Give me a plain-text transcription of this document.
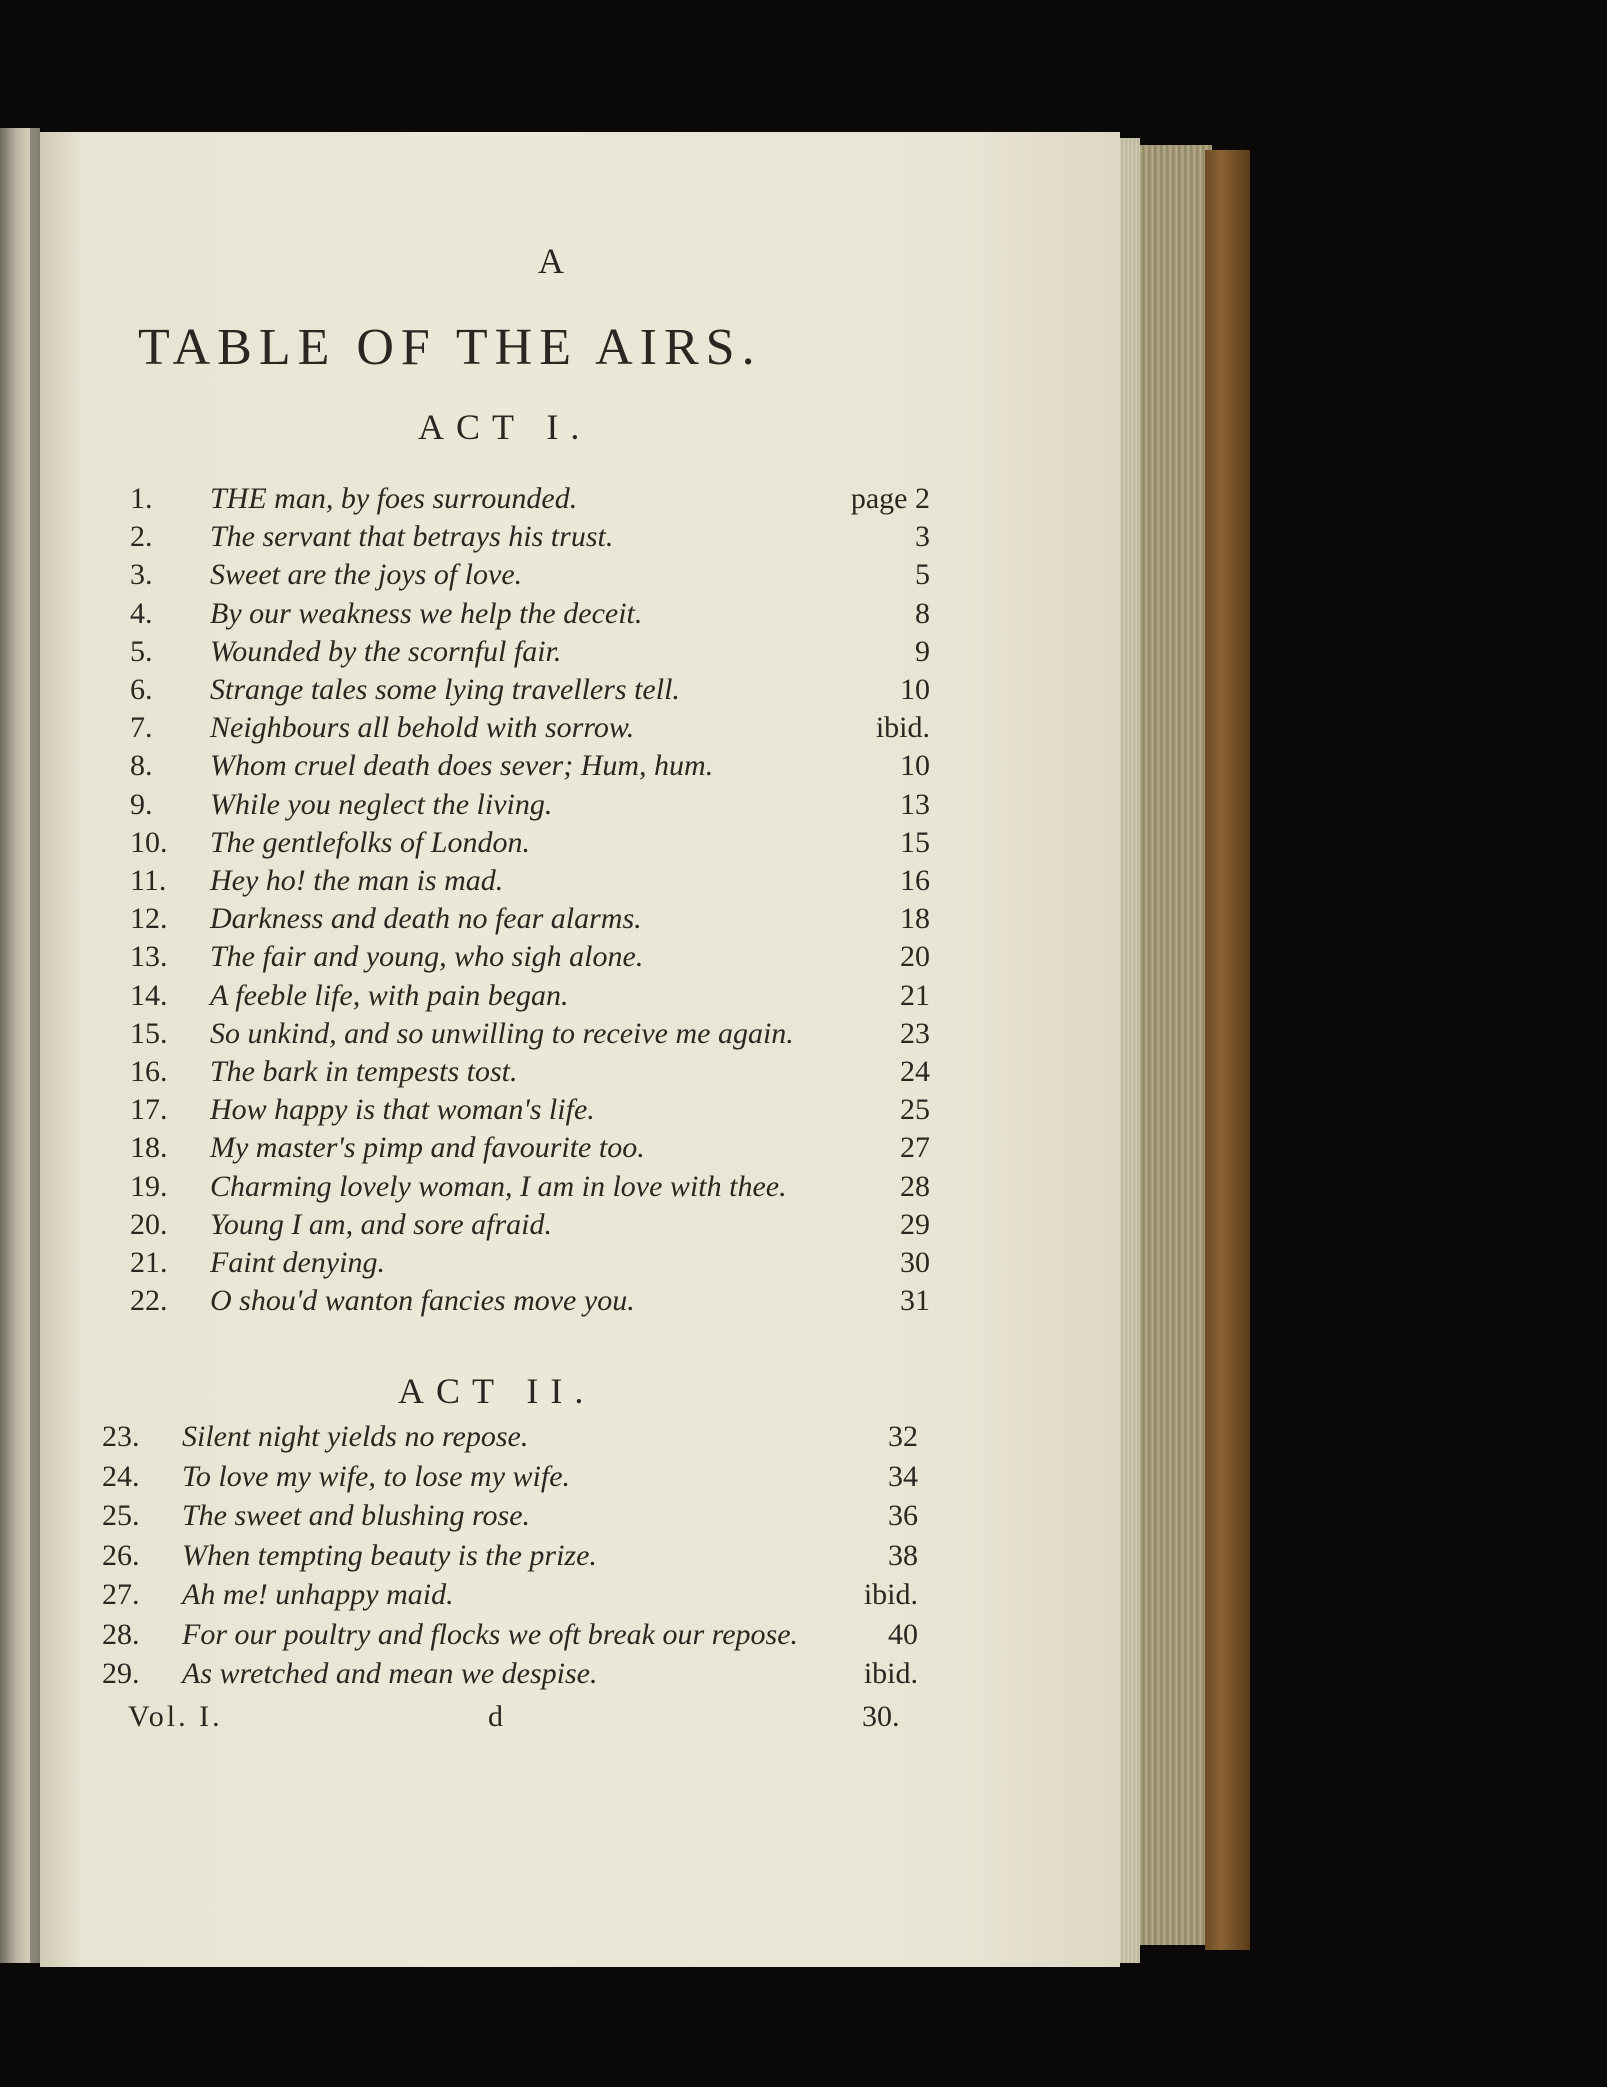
A
TABLE OF THE AIRS.
ACT I.
1. THE man, by foes surrounded.	page 2
2. The servant that betrays his trust.	3
3. Sweet are the joys of love.	5
4. By our weakness we help the deceit.	8
5. Wounded by the scornful fair.	9
6. Strange tales some lying travellers tell.	10
7. Neighbours all behold with sorrow.	ibid.
8. Whom cruel death does sever; Hum, hum.	10
9. While you neglect the living.	13
10. The gentlefolks of London.	15
11. Hey ho! the man is mad.	16
12. Darkness and death no fear alarms.	18
13. The fair and young, who sigh alone.	20
14. A feeble life, with pain began.	21
15. So unkind, and so unwilling to receive me again.	23
16. The bark in tempests tost.	24
17. How happy is that woman's life.	25
18. My master's pimp and favourite too.	27
19. Charming lovely woman, I am in love with thee.	28
20. Young I am, and sore afraid.	29
21. Faint denying.	30
22. O shou'd wanton fancies move you.	31
ACT II.
23. Silent night yields no repose.	32
24. To love my wife, to lose my wife.	34
25. The sweet and blushing rose.	36
26. When tempting beauty is the prize.	38
27. Ah me! unhappy maid.	ibid.
28. For our poultry and flocks we oft break our repose.	40
29. As wretched and mean we despise.	ibid.
Vol. I.	d	30.
